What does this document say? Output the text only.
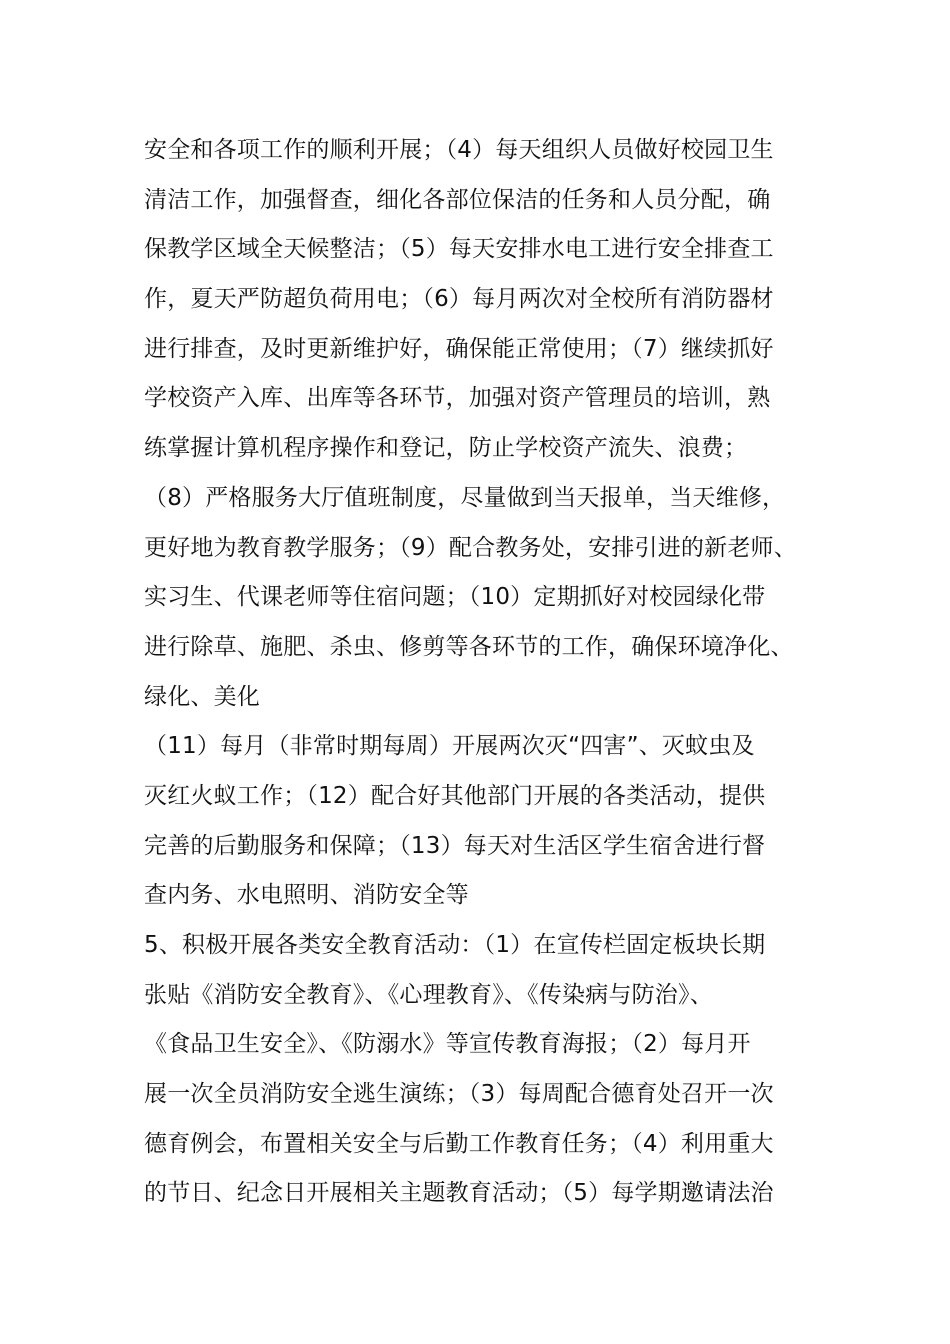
安全和各项工作的顺利开展；（4）每天组织人员做好校园卫生
清洁工作，加强督查，细化各部位保洁的任务和人员分配，确
保教学区域全天候整洁；（5）每天安排水电工进行安全排查工
作，夏天严防超负荷用电；（6）每月两次对全校所有消防器材
进行排查，及时更新维护好，确保能正常使用；（7）继续抓好
学校资产入库、出库等各环节，加强对资产管理员的培训，熟
练掌握计算机程序操作和登记，防止学校资产流失、浪费；
（8）严格服务大厅值班制度，尽量做到当天报单，当天维修，
更好地为教育教学服务；（9）配合教务处，安排引进的新老师、
实习生、代课老师等住宿问题；（10）定期抓好对校园绿化带
进行除草、施肥、杀虫、修剪等各环节的工作，确保环境净化、
绿化、美化
（11）每月（非常时期每周）开展两次灭“四害”、灭蚊虫及
灭红火蚁工作；（12）配合好其他部门开展的各类活动，提供
完善的后勤服务和保障；（13）每天对生活区学生宿舍进行督
查内务、水电照明、消防安全等
5、积极开展各类安全教育活动：（1）在宣传栏固定板块长期
张贴《消防安全教育》、《心理教育》、《传染病与防治》、
《食品卫生安全》、《防溺水》等宣传教育海报；（2）每月开
展一次全员消防安全逃生演练；（3）每周配合德育处召开一次
德育例会，布置相关安全与后勤工作教育任务；（4）利用重大
的节日、纪念日开展相关主题教育活动；（5）每学期邀请法治
